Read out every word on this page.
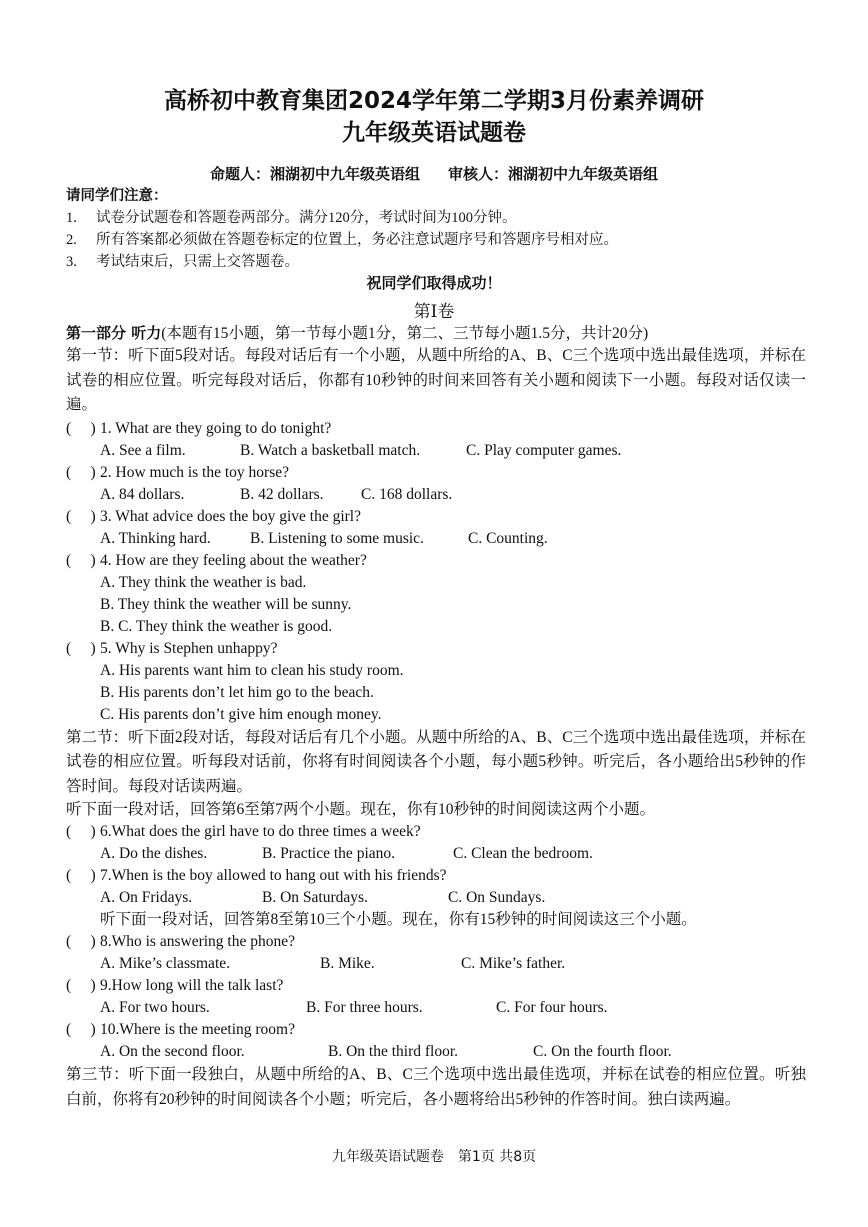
高桥初中教育集团2024学年第二学期3月份素养调研
九年级英语试题卷
命题人：湘湖初中九年级英语组 审核人：湘湖初中九年级英语组
请同学们注意：
1. 试卷分试题卷和答题卷两部分。满分120分，考试时间为100分钟。
2. 所有答案都必须做在答题卷标定的位置上，务必注意试题序号和答题序号相对应。
3. 考试结束后，只需上交答题卷。
祝同学们取得成功！
第Ⅰ卷
第一部分 听力(本题有15小题，第一节每小题1分，第二、三节每小题1.5分，共计20分)
第一节：听下面5段对话。每段对话后有一个小题，从题中所给的A、B、C三个选项中选出最佳选项，并标在试卷的相应位置。听完每段对话后，你都有10秒钟的时间来回答有关小题和阅读下一小题。每段对话仅读一遍。
(　 ) 1. What are they going to do tonight?
A. See a film.	B. Watch a basketball match.	C. Play computer games.
(　 ) 2. How much is the toy horse?
A. 84 dollars.	B. 42 dollars. C. 168 dollars.
(　 ) 3. What advice does the boy give the girl?
A. Thinking hard.	B. Listening to some music.	C. Counting.
(　 ) 4. How are they feeling about the weather?
A. They think the weather is bad.
B. They think the weather will be sunny.
B. C. They think the weather is good.
(　 ) 5. Why is Stephen unhappy?
A. His parents want him to clean his study room.
B. His parents don’t let him go to the beach.
C. His parents don’t give him enough money.
第二节：听下面2段对话，每段对话后有几个小题。从题中所给的A、B、C三个选项中选出最佳选项，并标在试卷的相应位置。听每段对话前，你将有时间阅读各个小题，每小题5秒钟。听完后，各小题给出5秒钟的作答时间。每段对话读两遍。
听下面一段对话，回答第6至第7两个小题。现在，你有10秒钟的时间阅读这两个小题。
(　 ) 6.What does the girl have to do three times a week?
A. Do the dishes.	B. Practice the piano.	C. Clean the bedroom.
(　 ) 7.When is the boy allowed to hang out with his friends?
A. On Fridays.	B. On Saturdays.	C. On Sundays.
听下面一段对话，回答第8至第10三个小题。现在，你有15秒钟的时间阅读这三个小题。
(　 ) 8.Who is answering the phone?
A. Mike’s classmate.	B. Mike.	C. Mike’s father.
(　 ) 9.How long will the talk last?
A. For two hours.	B. For three hours.	C. For four hours.
(　 ) 10.Where is the meeting room?
A. On the second floor.	B. On the third floor.	C. On the fourth floor.
第三节：听下面一段独白，从题中所给的A、B、C三个选项中选出最佳选项，并标在试卷的相应位置。听独白前，你将有20秒钟的时间阅读各个小题；听完后，各小题将给出5秒钟的作答时间。独白读两遍。
九年级英语试题卷　第1页 共8页
